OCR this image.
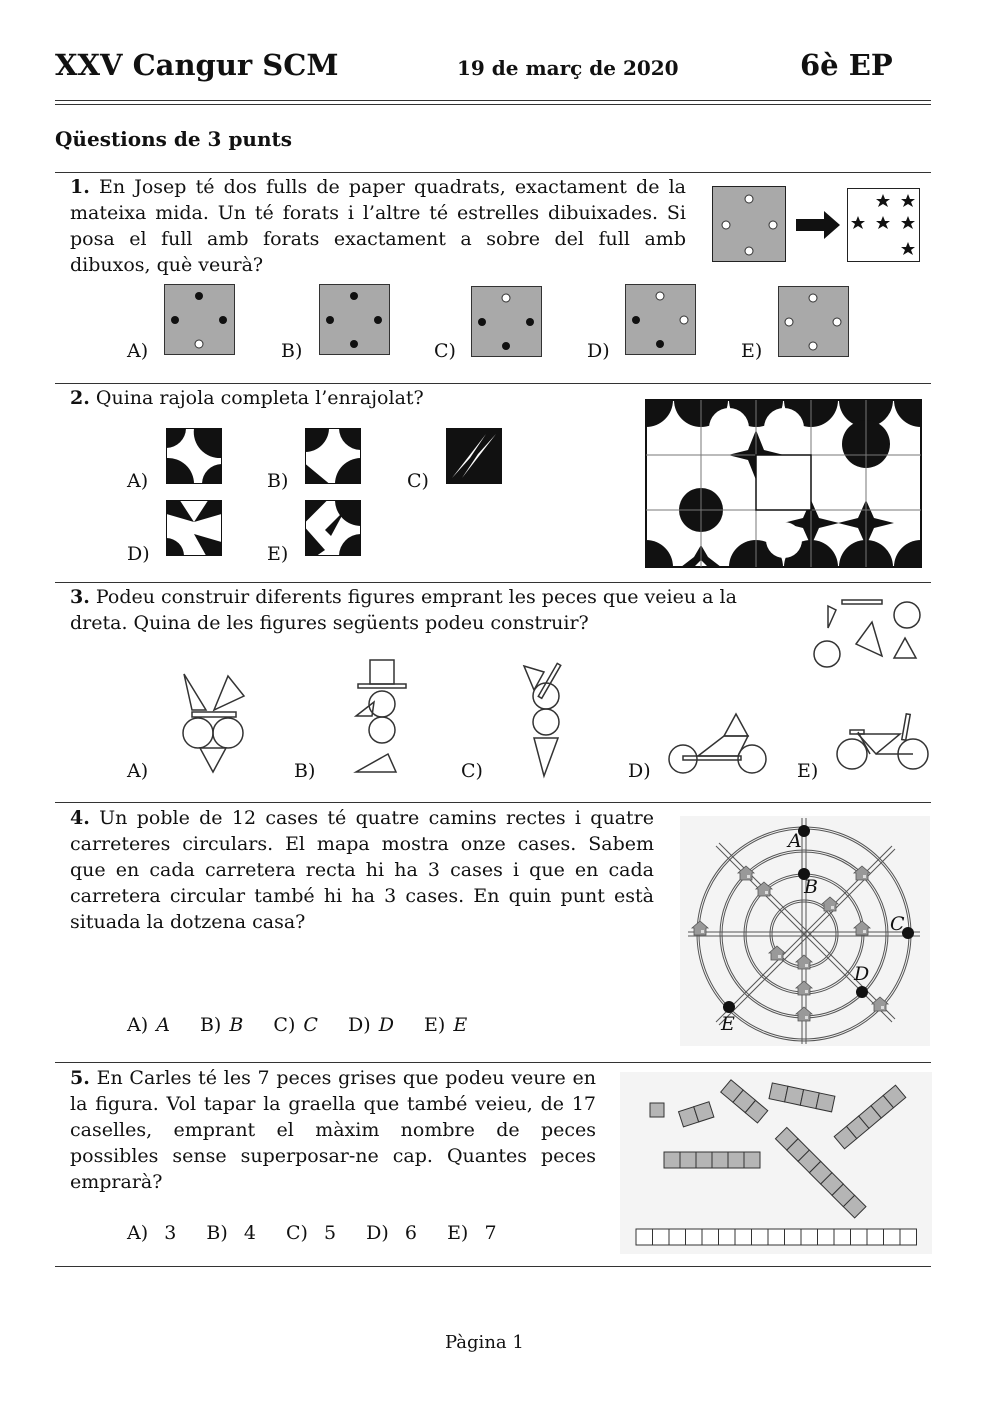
XXV Cangur SCM	19 de març de 2020	6è EP
Qüestions de 3 punts
1. En Josep té dos fulls de paper quadrats, exactament de la mateixa mida. Un té forats i l’altre té estrelles dibuixades. Si posa el full amb forats exactament a sobre del full amb dibuxos, què veurà?
A)	B)	C)	D)	E)
2. Quina rajola completa l’enrajolat?
A)	B)	C)
D)	E)
3. Podeu construir diferents figures emprant les peces que veieu a la dreta. Quina de les figures següents podeu construir?
A)	B)	C)	D)	E)
4. Un poble de 12 cases té quatre camins rectes i quatre carreteres circulars. El mapa mostra onze cases. Sabem que en cada carretera recta hi ha 3 cases i que en cada carretera circular també hi ha 3 cases. En quin punt està situada la dotzena casa?
A) A B) B C) C D) D E) E
A
B
C
D
E
5. En Carles té les 7 peces grises que podeu veure en la figura. Vol tapar la graella que també veieu, de 17 caselles, emprant el màxim nombre de peces possibles sense superposar-ne cap. Quantes peces emprarà?
A) 3 B) 4 C) 5 D) 6 E) 7
Pàgina 1
